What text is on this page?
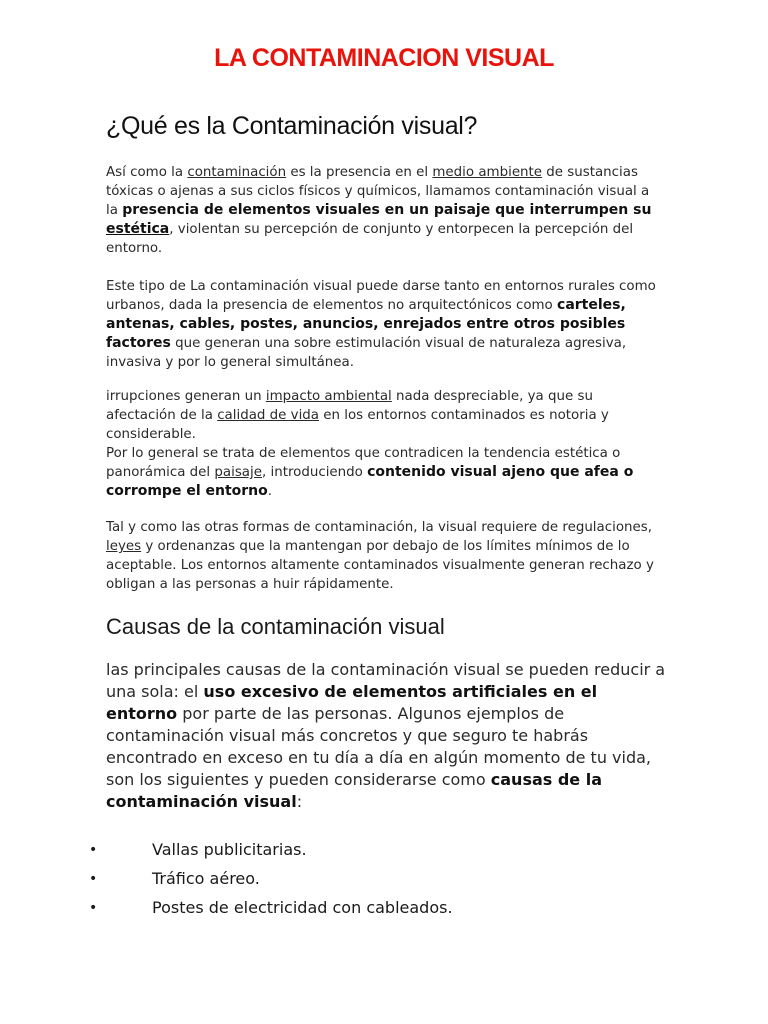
LA CONTAMINACION VISUAL
¿Qué es la Contaminación visual?

Así como la contaminación es la presencia en el medio ambiente de sustancias tóxicas o ajenas a sus ciclos físicos y químicos, llamamos contaminación visual a la presencia de elementos visuales en un paisaje que interrumpen su estética, violentan su percepción de conjunto y entorpecen la percepción del entorno.

Este tipo de La contaminación visual puede darse tanto en entornos rurales como urbanos, dada la presencia de elementos no arquitectónicos como carteles, antenas, cables, postes, anuncios, enrejados entre otros posibles factores que generan una sobre estimulación visual de naturaleza agresiva, invasiva y por lo general simultánea.

irrupciones generan un impacto ambiental nada despreciable, ya que su afectación de la calidad de vida en los entornos contaminados es notoria y considerable.

Por lo general se trata de elementos que contradicen la tendencia estética o panorámica del paisaje, introduciendo contenido visual ajeno que afea o corrompe el entorno.

Tal y como las otras formas de contaminación, la visual requiere de regulaciones, leyes y ordenanzas que la mantengan por debajo de los límites mínimos de lo aceptable. Los entornos altamente contaminados visualmente generan rechazo y obligan a las personas a huir rápidamente.

Causas de la contaminación visual

las principales causas de la contaminación visual se pueden reducir a una sola: el uso excesivo de elementos artificiales en el entorno por parte de las personas. Algunos ejemplos de contaminación visual más concretos y que seguro te habrás encontrado en exceso en tu día a día en algún momento de tu vida, son los siguientes y pueden considerarse como causas de la contaminación visual:

•	Vallas publicitarias.
•	Tráfico aéreo.
•	Postes de electricidad con cableados.
